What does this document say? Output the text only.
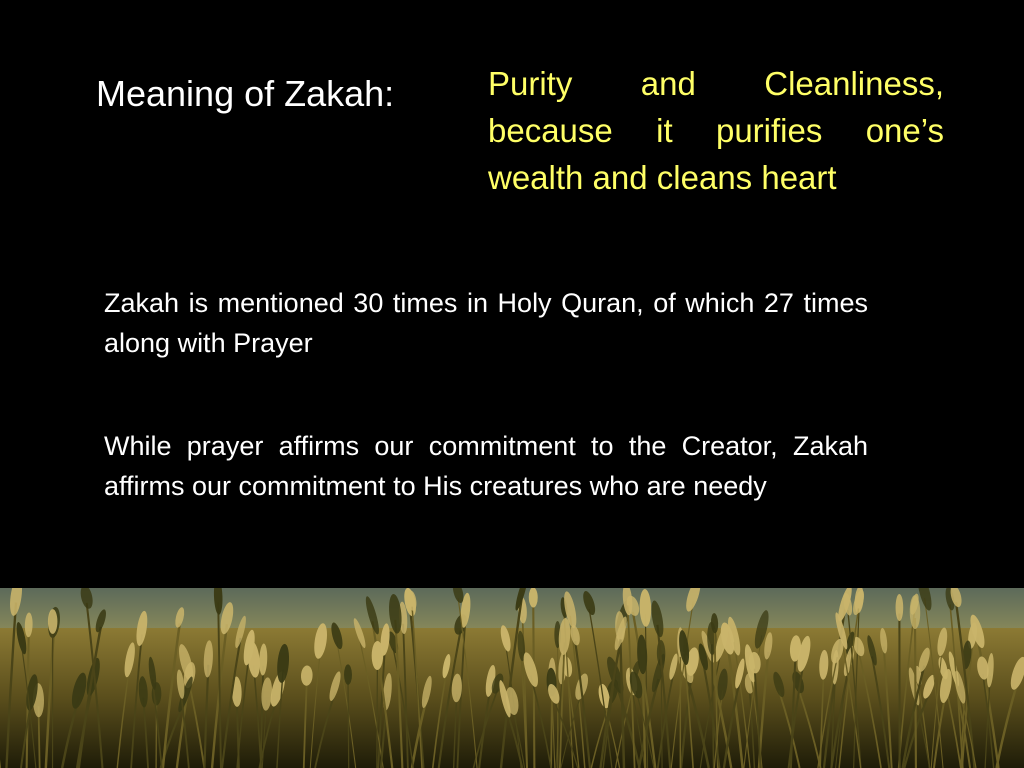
Meaning of Zakah:	Purity and Cleanliness, because it purifies one’s wealth and cleans heart
Zakah is mentioned 30 times in Holy Quran, of which 27 times along with Prayer
While prayer affirms our commitment to the Creator, Zakah affirms our commitment to His creatures who are needy
